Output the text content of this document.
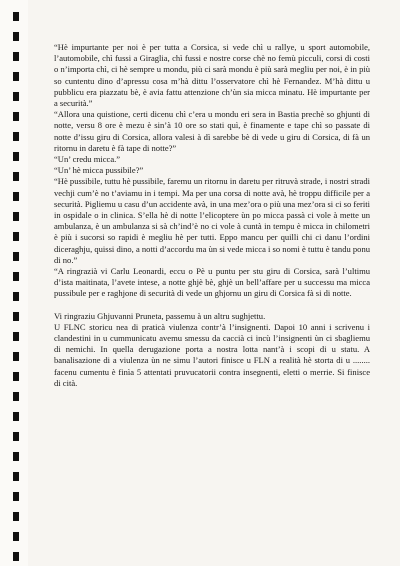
“Hè impurtante per noi è per tutta a Corsica, si vede chì u rallye, u sport automobile, l’automobile, chì fussi a Giraglia, chì fussi e nostre corse chè no femù picculi, corsi di costi o n’importa chì, ci hè sempre u mondu, più ci sarà mondu è più sarà megliu per noi, è in più so cuntentu dino d’apressu cosa m’hà dittu l’osservatore chì hè Fernandez. M’hà dittu u pubblicu era piazzatu bè, è avia fattu attenzione ch’ùn sia micca minatu. Hè impurtante per a securità.”

“Allora una quistione, certi dicenu chì c’era u mondu eri sera in Bastia prechè so ghjunti di notte, versu 8 ore è mezu è sin’à 10 ore so stati quì, è finamente e tape chì so passate di notte d’issu giru di Corsica, allora valesi à dì sarebbe bè di vede u giru di Corsica, di fà un ritornu in daretu è fà tape di notte?”

“Un’ credu micca.”

“Un’ hè micca pussibile?”

“Hè pussibile, tuttu hè pussibile, faremu un ritornu in daretu per ritruvà strade, i nostri stradi vechji cum’è no t’aviamu in i tempi. Ma per una corsa di notte avà, hè troppu difficile per a securità. Pigliemu u casu d’un accidente avà, in una mez’ora o più una mez’ora si ci so feriti in ospidale o in clinica. S’ella hè di notte l’elicoptere ùn po micca passà ci vole à mette un ambulanza, è un ambulanza si sà ch’ind’è no ci vole à cuntà in tempu è micca in chilometri è più i sucorsi so rapidi è megliu hè per tutti. Eppo mancu per quilli chi ci danu l’ordini diceraghju, quissi dino, a notti d’accordu ma ùn si vede micca i so nomi è tuttu è tandu ponu di no.”

“A ringrazià vi Carlu Leonardi, eccu o Pè u puntu per stu giru di Corsica, sarà l’ultimu d’ista maitinata, l’avete intese, a notte ghjè bè, ghjè un bell’affare per u successu ma micca pussibule per e raghjone di securità di vede un ghjornu un giru di Corsica fà si di notte.

Vi ringraziu Ghjuvanni Pruneta, passemu à un altru sughjettu.

U FLNC storicu nea di praticà viulenza contr’à l’insignenti. Dapoi 10 anni i scrivenu i clandestini in u cummunicatu avemu smessu da caccià ci incù l’insignenti ùn ci sbagliemu di nemichi. In quella derugazione porta a nostra lotta nant’à i scopi di u statu. A banalisazione di a viulenza ùn ne simu l’autori finisce u FLN a realità hè storta di u ........ facenu cumentu è finìa 5 attentati pruvucatorii contra insegnenti, eletti o merrie. Si finisce di cità.
